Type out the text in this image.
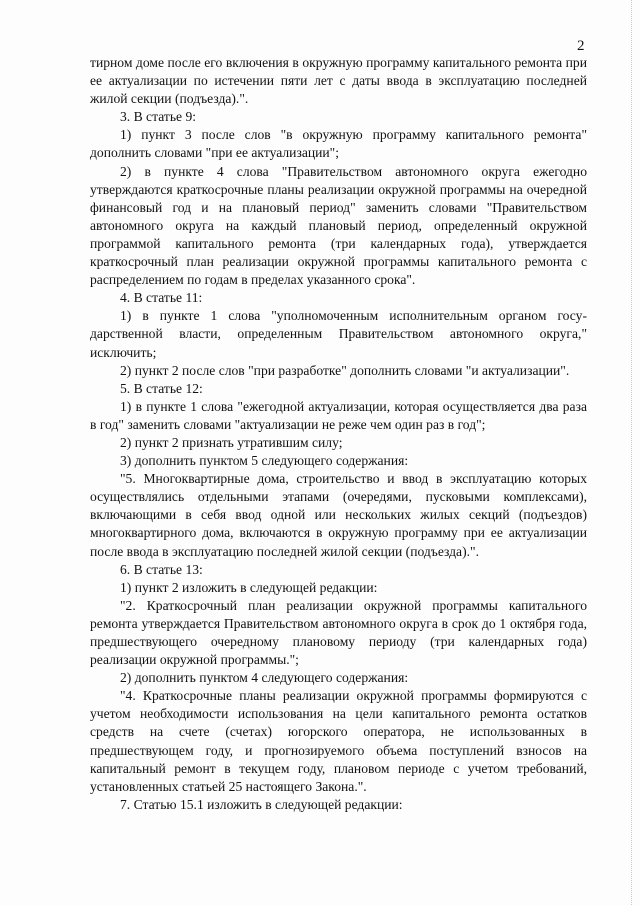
2

тирном доме после его включения в окружную программу капитального ремонта при ее актуализации по истечении пяти лет с даты ввода в эксплуатацию последней жилой секции (подъезда).".

3. В статье 9:

1) пункт 3 после слов "в окружную программу капитального ремонта" дополнить словами "при ее актуализации";

2) в пункте 4 слова "Правительством автономного округа ежегодно утверждаются краткосрочные планы реализации окружной программы на очередной финансовый год и на плановый период" заменить словами "Правительством автономного округа на каждый плановый период, определенный окружной программой капитального ремонта (три календарных года), утверждается краткосрочный план реализации окружной программы капитального ремонта с распределением по годам в пределах указанного срока".

4. В статье 11:

1) в пункте 1 слова "уполномоченным исполнительным органом государственной власти, определенным Правительством автономного округа," исключить;

2) пункт 2 после слов "при разработке" дополнить словами "и актуализации".

5. В статье 12:

1) в пункте 1 слова "ежегодной актуализации, которая осуществляется два раза в год" заменить словами "актуализации не реже чем один раз в год";

2) пункт 2 признать утратившим силу;

3) дополнить пунктом 5 следующего содержания:

"5. Многоквартирные дома, строительство и ввод в эксплуатацию которых осуществлялись отдельными этапами (очередями, пусковыми комплексами), включающими в себя ввод одной или нескольких жилых секций (подъездов) многоквартирного дома, включаются в окружную программу при ее актуализации после ввода в эксплуатацию последней жилой секции (подъезда).".

6. В статье 13:

1) пункт 2 изложить в следующей редакции:

"2. Краткосрочный план реализации окружной программы капитального ремонта утверждается Правительством автономного округа в срок до 1 октября года, предшествующего очередному плановому периоду (три календарных года) реализации окружной программы.";

2) дополнить пунктом 4 следующего содержания:

"4. Краткосрочные планы реализации окружной программы формируются с учетом необходимости использования на цели капитального ремонта остатков средств на счете (счетах) югорского оператора, не использованных в предшествующем году, и прогнозируемого объема поступлений взносов на капитальный ремонт в текущем году, плановом периоде с учетом требований, установленных статьей 25 настоящего Закона.".

7. Статью 15.1 изложить в следующей редакции:
